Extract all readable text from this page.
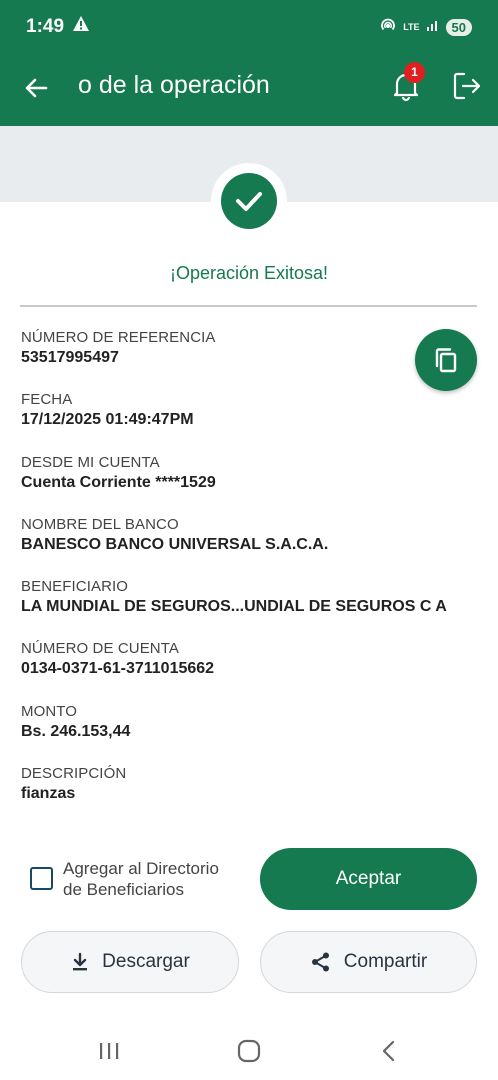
1:49	LTE	50
o de la operación	1
¡Operación Exitosa!
NÚMERO DE REFERENCIA
53517995497
FECHA
17/12/2025 01:49:47PM
DESDE MI CUENTA
Cuenta Corriente ****1529
NOMBRE DEL BANCO
BANESCO BANCO UNIVERSAL S.A.C.A.
BENEFICIARIO
LA MUNDIAL DE SEGUROS...UNDIAL DE SEGUROS C A
NÚMERO DE CUENTA
0134-0371-61-3711015662
MONTO
Bs. 246.153,44
DESCRIPCIÓN
fianzas
Agregar al Directorio
de Beneficiarios
Aceptar
Descargar	Compartir
